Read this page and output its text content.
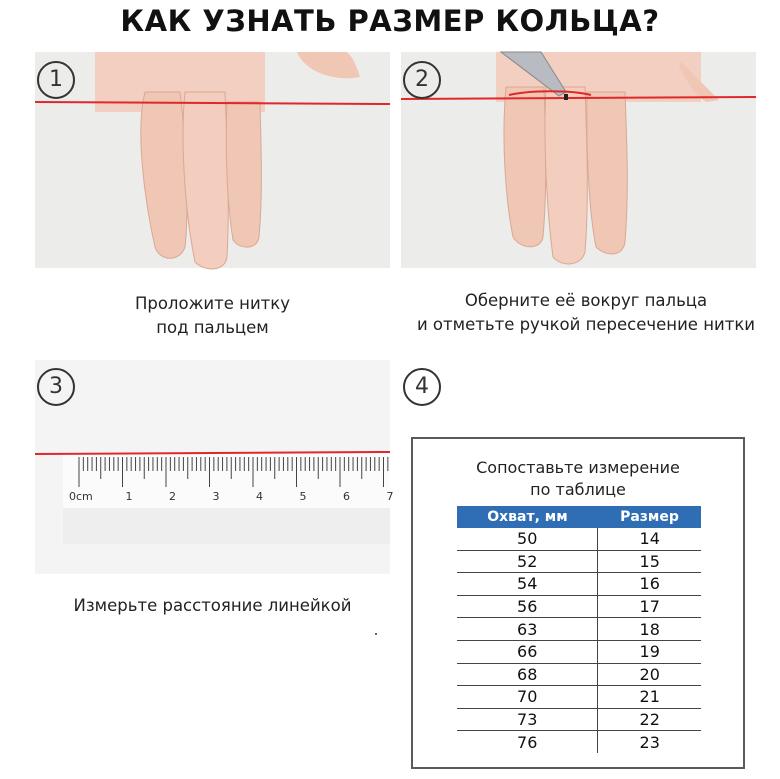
КАК УЗНАТЬ РАЗМЕР КОЛЬЦА?
1	2
Проложите нитку
под пальцем
Оберните её вокруг пальца
и отметьте ручкой пересечение нитки
0cm	1	2	3	4	5	6	7
3
Измерьте расстояние линейкой
4
Сопоставьте измерение
по таблице
Охват, мм	Размер
50	14
52	15
54	16
56	17
63	18
66	19
68	20
70	21
73	22
76	23
